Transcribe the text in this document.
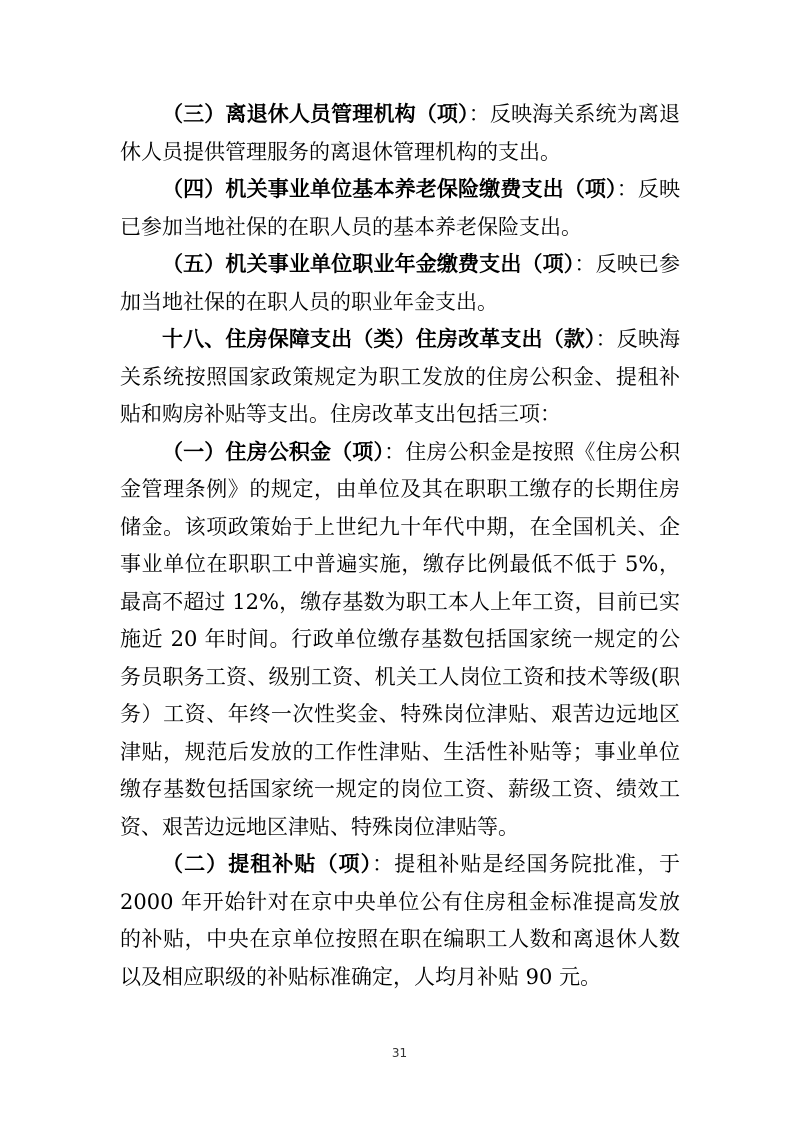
（三）离退休人员管理机构（项）：反映海关系统为离退休人员提供管理服务的离退休管理机构的支出。

（四）机关事业单位基本养老保险缴费支出（项）：反映已参加当地社保的在职人员的基本养老保险支出。

（五）机关事业单位职业年金缴费支出（项）：反映已参加当地社保的在职人员的职业年金支出。

十八、住房保障支出（类）住房改革支出（款）：反映海关系统按照国家政策规定为职工发放的住房公积金、提租补贴和购房补贴等支出。住房改革支出包括三项：

（一）住房公积金（项）：住房公积金是按照《住房公积金管理条例》的规定，由单位及其在职职工缴存的长期住房储金。该项政策始于上世纪九十年代中期，在全国机关、企事业单位在职职工中普遍实施，缴存比例最低不低于 5%，最高不超过 12%，缴存基数为职工本人上年工资，目前已实施近 20 年时间。行政单位缴存基数包括国家统一规定的公务员职务工资、级别工资、机关工人岗位工资和技术等级(职务）工资、年终一次性奖金、特殊岗位津贴、艰苦边远地区津贴，规范后发放的工作性津贴、生活性补贴等；事业单位缴存基数包括国家统一规定的岗位工资、薪级工资、绩效工资、艰苦边远地区津贴、特殊岗位津贴等。

（二）提租补贴（项）：提租补贴是经国务院批准，于 2000 年开始针对在京中央单位公有住房租金标准提高发放的补贴，中央在京单位按照在职在编职工人数和离退休人数以及相应职级的补贴标准确定，人均月补贴 90 元。

31
